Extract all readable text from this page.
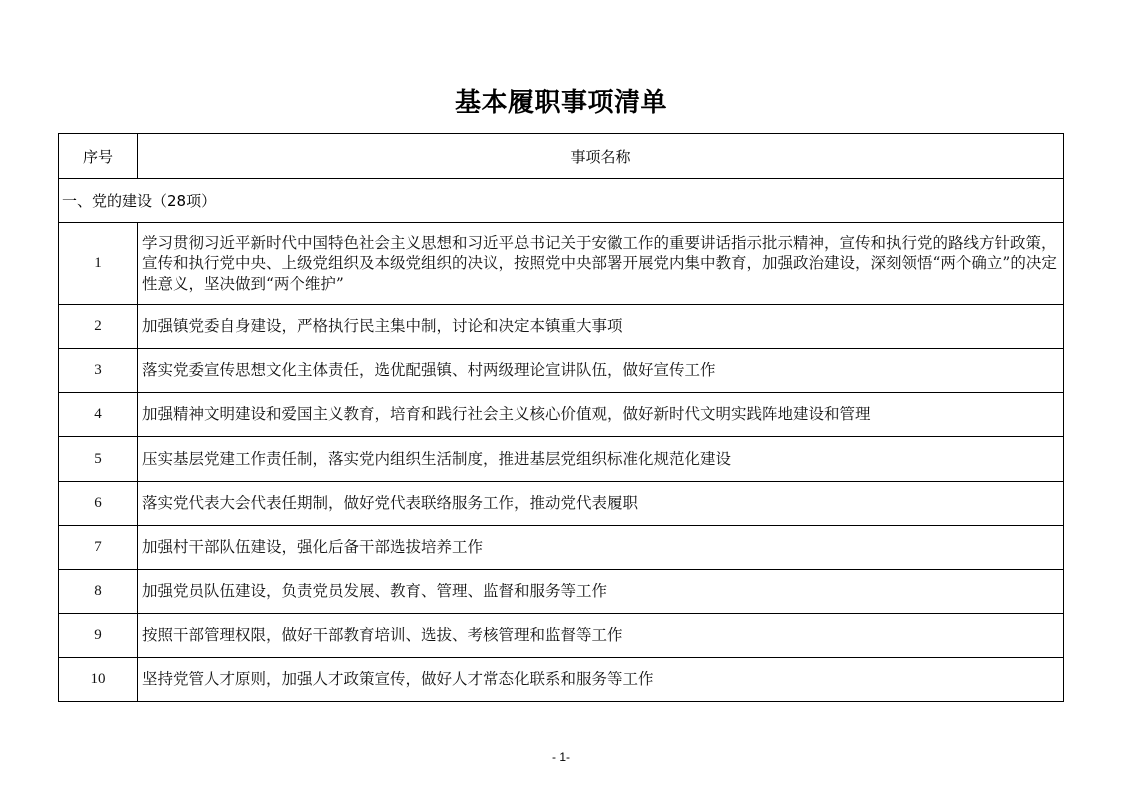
基本履职事项清单
序号	事项名称
一、党的建设（28项）	
1	学习贯彻习近平新时代中国特色社会主义思想和习近平总书记关于安徽工作的重要讲话指示批示精神，宣传和执行党的路线方针政策，宣传和执行党中央、上级党组织及本级党组织的决议，按照党中央部署开展党内集中教育，加强政治建设，深刻领悟“两个确立”的决定性意义，坚决做到“两个维护”
2	加强镇党委自身建设，严格执行民主集中制，讨论和决定本镇重大事项
3	落实党委宣传思想文化主体责任，选优配强镇、村两级理论宣讲队伍，做好宣传工作
4	加强精神文明建设和爱国主义教育，培育和践行社会主义核心价值观，做好新时代文明实践阵地建设和管理
5	压实基层党建工作责任制，落实党内组织生活制度，推进基层党组织标准化规范化建设
6	落实党代表大会代表任期制，做好党代表联络服务工作，推动党代表履职
7	加强村干部队伍建设，强化后备干部选拔培养工作
8	加强党员队伍建设，负责党员发展、教育、管理、监督和服务等工作
9	按照干部管理权限，做好干部教育培训、选拔、考核管理和监督等工作
10	坚持党管人才原则，加强人才政策宣传，做好人才常态化联系和服务等工作
- 1-
